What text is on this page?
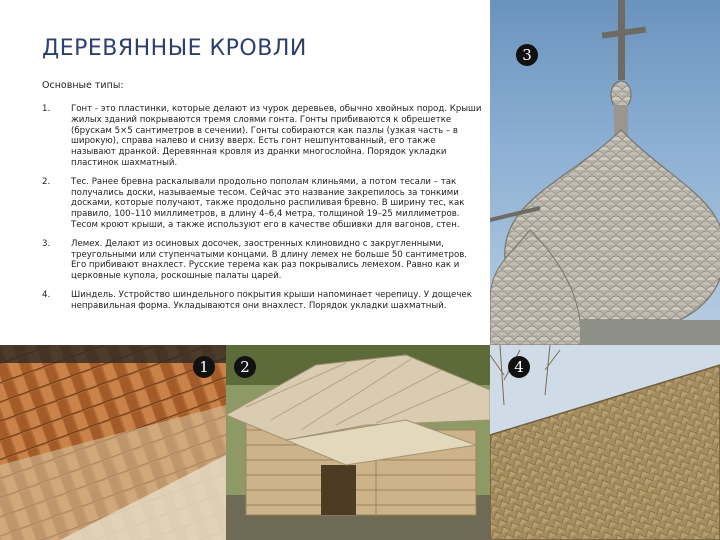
ДЕРЕВЯННЫЕ КРОВЛИ
Основные типы:
1. Гонт - это пластинки, которые делают из чурок деревьев, обычно хвойных пород. Крыши жилых зданий покрываются тремя слоями гонта. Гонты прибиваются к обрешетке (брускам 5×5 сантиметров в сечении). Гонты собираются как пазлы (узкая часть – в широкую), справа налево и снизу вверх. Есть гонт нешпунтованный, его также называют дранкой. Деревянная кровля из дранки многослойна. Порядок укладки пластинок шахматный.
2. Тес. Ранее бревна раскалывали продольно пополам клиньями, а потом тесали – так получались доски, называемые тесом. Сейчас это название закрепилось за тонкими досками, которые получают, также продольно распиливая бревно. В ширину тес, как правило, 100–110 миллиметров, в длину 4–6,4 метра, толщиной 19–25 миллиметров. Тесом кроют крыши, а также используют его в качестве обшивки для вагонов, стен.
3. Лемех. Делают из осиновых досочек, заостренных клиновидно с закругленными, треугольными или ступенчатыми концами. В длину лемех не больше 50 сантиметров. Его прибивают внахлест. Русские терема как раз покрывались лемехом. Равно как и церковные купола, роскошные палаты царей.
4. Шиндель. Устройство шиндельного покрытия крыши напоминает черепицу. У дощечек неправильная форма. Укладываются они внахлест. Порядок укладки шахматный.
3
1	2	4
